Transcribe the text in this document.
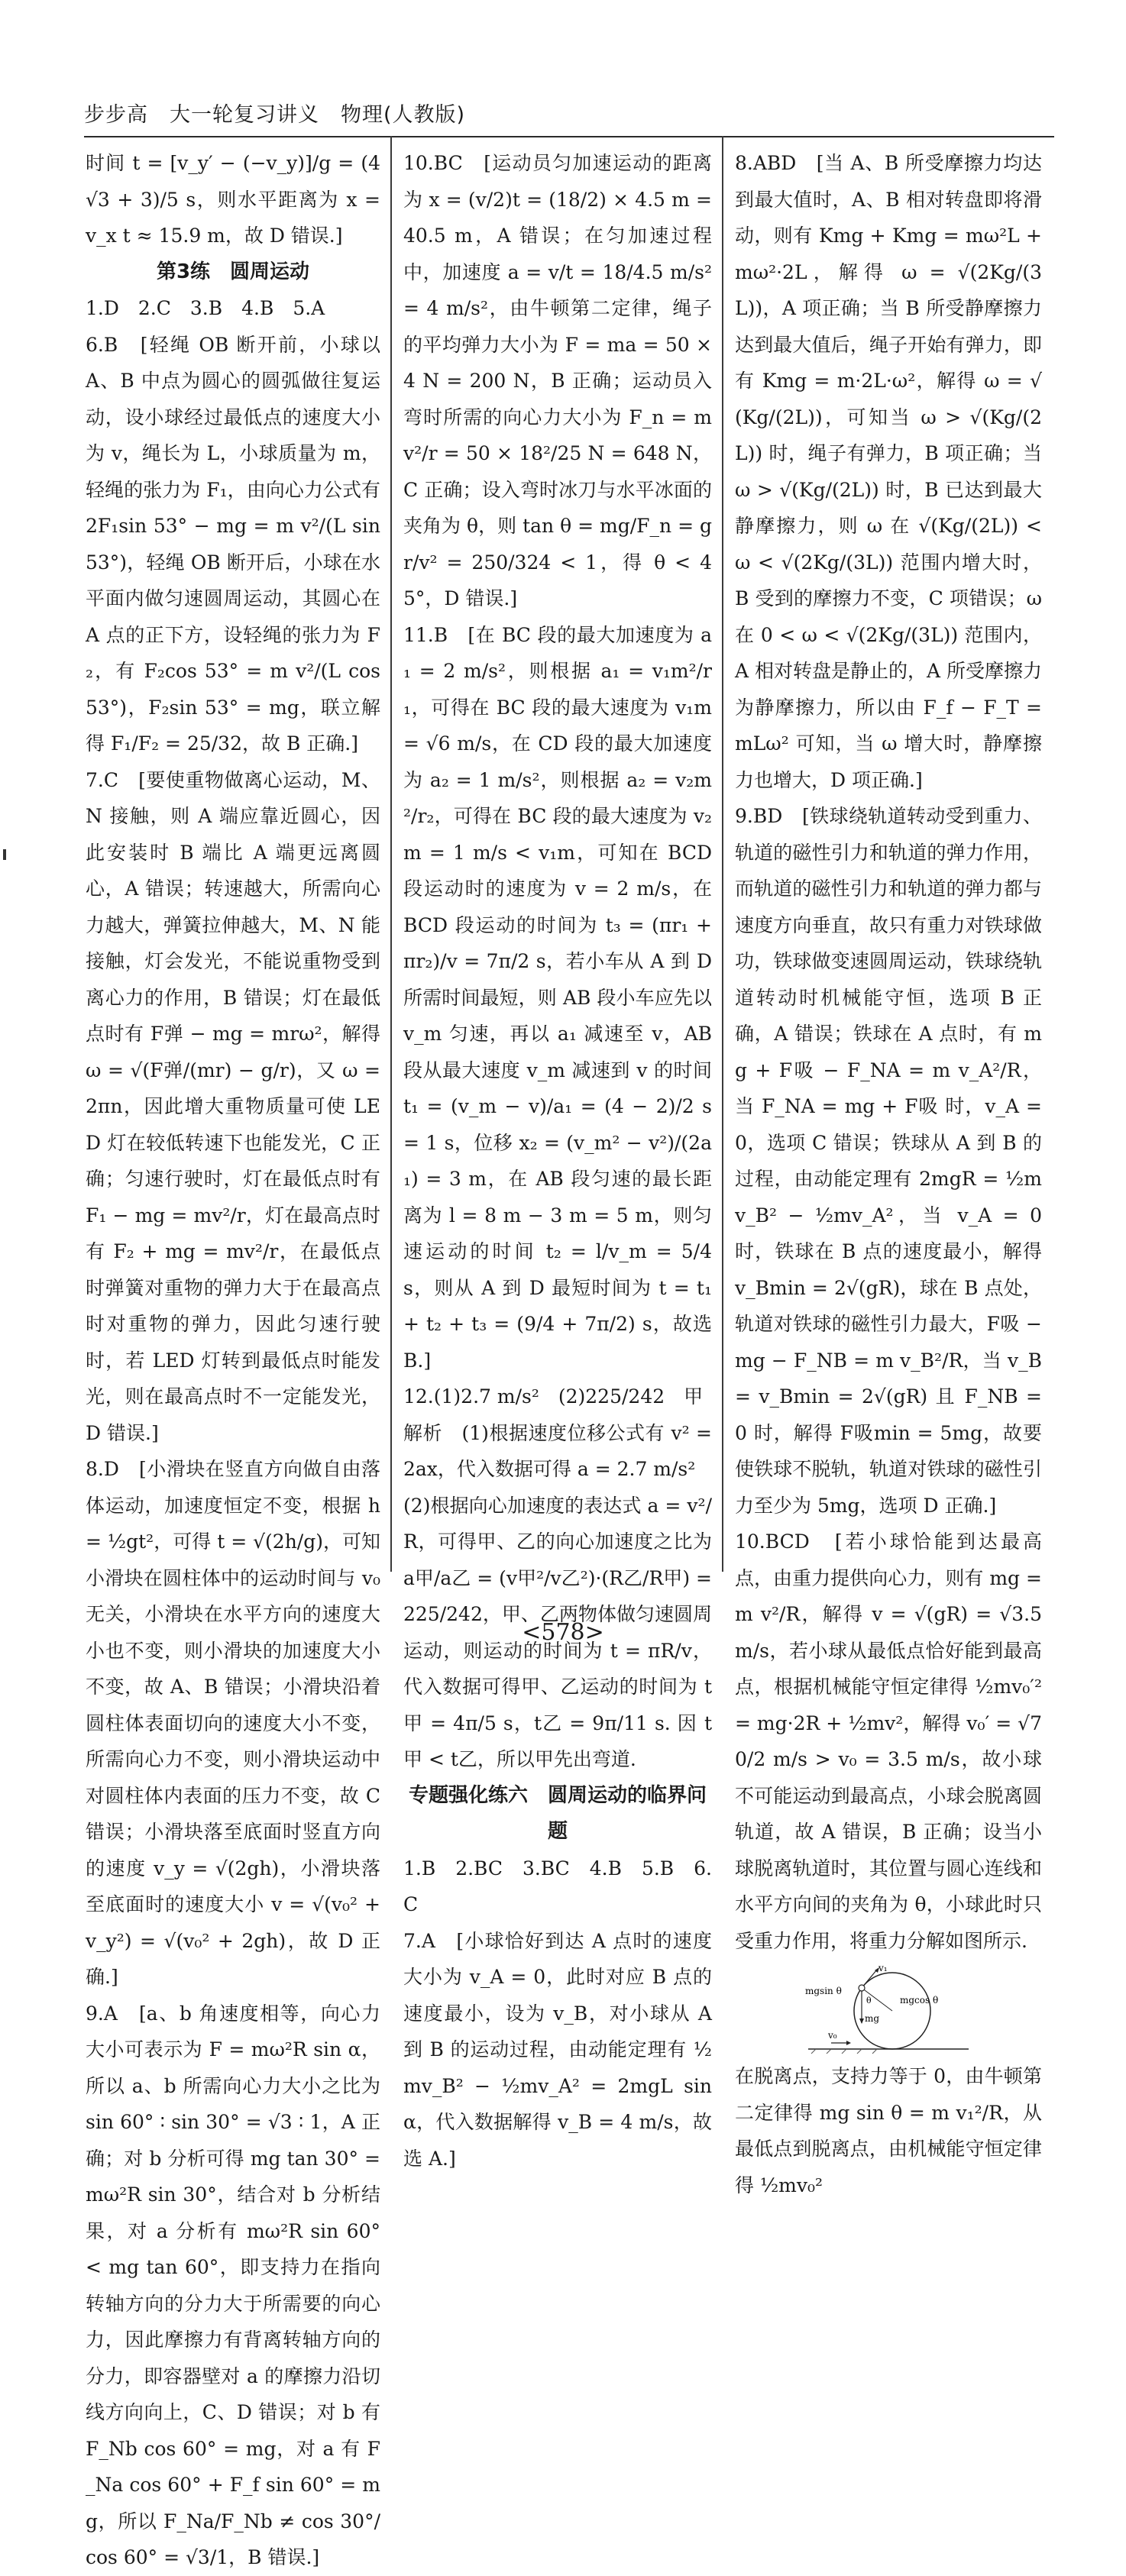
步步高　大一轮复习讲义　物理(人教版)

时间 t = [v_y′ − (−v_y)]/g = (4√3 + 3)/5 s，则水平距离为 x = v_x t ≈ 15.9 m，故 D 错误.]

第3练　圆周运动

1.D　2.C　3.B　4.B　5.A

6.B　[轻绳 OB 断开前，小球以 A、B 中点为圆心的圆弧做往复运动，设小球经过最低点的速度大小为 v，绳长为 L，小球质量为 m，轻绳的张力为 F₁，由向心力公式有 2F₁sin 53° − mg = m v²/(L sin 53°)，轻绳 OB 断开后，小球在水平面内做匀速圆周运动，其圆心在 A 点的正下方，设轻绳的张力为 F₂，有 F₂cos 53° = m v²/(L cos 53°)，F₂sin 53° = mg，联立解得 F₁/F₂ = 25/32，故 B 正确.]

7.C　[要使重物做离心运动，M、N 接触，则 A 端应靠近圆心，因此安装时 B 端比 A 端更远离圆心，A 错误；转速越大，所需向心力越大，弹簧拉伸越大，M、N 能接触，灯会发光，不能说重物受到离心力的作用，B 错误；灯在最低点时有 F弹 − mg = mrω²，解得 ω = √(F弹/(mr) − g/r)，又 ω = 2πn，因此增大重物质量可使 LED 灯在较低转速下也能发光，C 正确；匀速行驶时，灯在最低点时有 F₁ − mg = mv²/r，灯在最高点时有 F₂ + mg = mv²/r，在最低点时弹簧对重物的弹力大于在最高点时对重物的弹力，因此匀速行驶时，若 LED 灯转到最低点时能发光，则在最高点时不一定能发光，D 错误.]

8.D　[小滑块在竖直方向做自由落体运动，加速度恒定不变，根据 h = ½gt²，可得 t = √(2h/g)，可知小滑块在圆柱体中的运动时间与 v₀ 无关，小滑块在水平方向的速度大小也不变，则小滑块的加速度大小不变，故 A、B 错误；小滑块沿着圆柱体表面切向的速度大小不变，所需向心力不变，则小滑块运动中对圆柱体内表面的压力不变，故 C 错误；小滑块落至底面时竖直方向的速度 v_y = √(2gh)，小滑块落至底面时的速度大小 v = √(v₀² + v_y²) = √(v₀² + 2gh)，故 D 正确.]

9.A　[a、b 角速度相等，向心力大小可表示为 F = mω²R sin α，所以 a、b 所需向心力大小之比为 sin 60° ∶ sin 30° = √3 ∶ 1，A 正确；对 b 分析可得 mg tan 30° = mω²R sin 30°，结合对 b 分析结果，对 a 分析有 mω²R sin 60° < mg tan 60°，即支持力在指向转轴方向的分力大于所需要的向心力，因此摩擦力有背离转轴方向的分力，即容器壁对 a 的摩擦力沿切线方向向上，C、D 错误；对 b 有 F_Nb cos 60° = mg，对 a 有 F_Na cos 60° + F_f sin 60° = mg，所以 F_Na/F_Nb ≠ cos 30°/cos 60° = √3/1，B 错误.]

10.BC　[运动员匀加速运动的距离为 x = (v/2)t = (18/2) × 4.5 m = 40.5 m，A 错误；在匀加速过程中，加速度 a = v/t = 18/4.5 m/s² = 4 m/s²，由牛顿第二定律，绳子的平均弹力大小为 F = ma = 50 × 4 N = 200 N，B 正确；运动员入弯时所需的向心力大小为 F_n = m v²/r = 50 × 18²/25 N = 648 N，C 正确；设入弯时冰刀与水平冰面的夹角为 θ，则 tan θ = mg/F_n = gr/v² = 250/324 < 1，得 θ < 45°，D 错误.]

11.B　[在 BC 段的最大加速度为 a₁ = 2 m/s²，则根据 a₁ = v₁m²/r₁，可得在 BC 段的最大速度为 v₁m = √6 m/s，在 CD 段的最大加速度为 a₂ = 1 m/s²，则根据 a₂ = v₂m²/r₂，可得在 BC 段的最大速度为 v₂m = 1 m/s < v₁m，可知在 BCD 段运动时的速度为 v = 2 m/s，在 BCD 段运动的时间为 t₃ = (πr₁ + πr₂)/v = 7π/2 s，若小车从 A 到 D 所需时间最短，则 AB 段小车应先以 v_m 匀速，再以 a₁ 减速至 v，AB 段从最大速度 v_m 减速到 v 的时间 t₁ = (v_m − v)/a₁ = (4 − 2)/2 s = 1 s，位移 x₂ = (v_m² − v²)/(2a₁) = 3 m，在 AB 段匀速的最长距离为 l = 8 m − 3 m = 5 m，则匀速运动的时间 t₂ = l/v_m = 5/4 s，则从 A 到 D 最短时间为 t = t₁ + t₂ + t₃ = (9/4 + 7π/2) s，故选 B.]

12.(1)2.7 m/s²　(2)225/242　甲

解析　(1)根据速度位移公式有 v² = 2ax，代入数据可得 a = 2.7 m/s²

(2)根据向心加速度的表达式 a = v²/R，可得甲、乙的向心加速度之比为 a甲/a乙 = (v甲²/v乙²)·(R乙/R甲) = 225/242，甲、乙两物体做匀速圆周运动，则运动的时间为 t = πR/v，代入数据可得甲、乙运动的时间为 t甲 = 4π/5 s，t乙 = 9π/11 s. 因 t甲 < t乙，所以甲先出弯道.

专题强化练六　圆周运动的临界问题

1.B　2.BC　3.BC　4.B　5.B　6.C

7.A　[小球恰好到达 A 点时的速度大小为 v_A = 0，此时对应 B 点的速度最小，设为 v_B，对小球从 A 到 B 的运动过程，由动能定理有 ½mv_B² − ½mv_A² = 2mgL sin α，代入数据解得 v_B = 4 m/s，故选 A.]

8.ABD　[当 A、B 所受摩擦力均达到最大值时，A、B 相对转盘即将滑动，则有 Kmg + Kmg = mω²L + mω²·2L，解得 ω = √(2Kg/(3L))，A 项正确；当 B 所受静摩擦力达到最大值后，绳子开始有弹力，即有 Kmg = m·2L·ω²，解得 ω = √(Kg/(2L))，可知当 ω > √(Kg/(2L)) 时，绳子有弹力，B 项正确；当 ω > √(Kg/(2L)) 时，B 已达到最大静摩擦力，则 ω 在 √(Kg/(2L)) < ω < √(2Kg/(3L)) 范围内增大时，B 受到的摩擦力不变，C 项错误；ω 在 0 < ω < √(2Kg/(3L)) 范围内，A 相对转盘是静止的，A 所受摩擦力为静摩擦力，所以由 F_f − F_T = mLω² 可知，当 ω 增大时，静摩擦力也增大，D 项正确.]

9.BD　[铁球绕轨道转动受到重力、轨道的磁性引力和轨道的弹力作用，而轨道的磁性引力和轨道的弹力都与速度方向垂直，故只有重力对铁球做功，铁球做变速圆周运动，铁球绕轨道转动时机械能守恒，选项 B 正确，A 错误；铁球在 A 点时，有 mg + F吸 − F_NA = m v_A²/R，当 F_NA = mg + F吸 时，v_A = 0，选项 C 错误；铁球从 A 到 B 的过程，由动能定理有 2mgR = ½mv_B² − ½mv_A²，当 v_A = 0 时，铁球在 B 点的速度最小，解得 v_Bmin = 2√(gR)，球在 B 点处，轨道对铁球的磁性引力最大，F吸 − mg − F_NB = m v_B²/R，当 v_B = v_Bmin = 2√(gR) 且 F_NB = 0 时，解得 F吸min = 5mg，故要使铁球不脱轨，轨道对铁球的磁性引力至少为 5mg，选项 D 正确.]

10.BCD　[若小球恰能到达最高点，由重力提供向心力，则有 mg = m v²/R，解得 v = √(gR) = √3.5 m/s，若小球从最低点恰好能到最高点，根据机械能守恒定律得 ½mv₀′² = mg·2R + ½mv²，解得 v₀′ = √70/2 m/s > v₀ = 3.5 m/s，故小球不可能运动到最高点，小球会脱离圆轨道，故 A 错误，B 正确；设当小球脱离轨道时，其位置与圆心连线和水平方向间的夹角为 θ，小球此时只受重力作用，将重力分解如图所示.

v₁
mgsin θ
θ	mgcos θ
mg
v₀

在脱离点，支持力等于 0，由牛顿第二定律得 mg sin θ = m v₁²/R，从最低点到脱离点，由机械能守恒定律得 ½mv₀²

<578>
